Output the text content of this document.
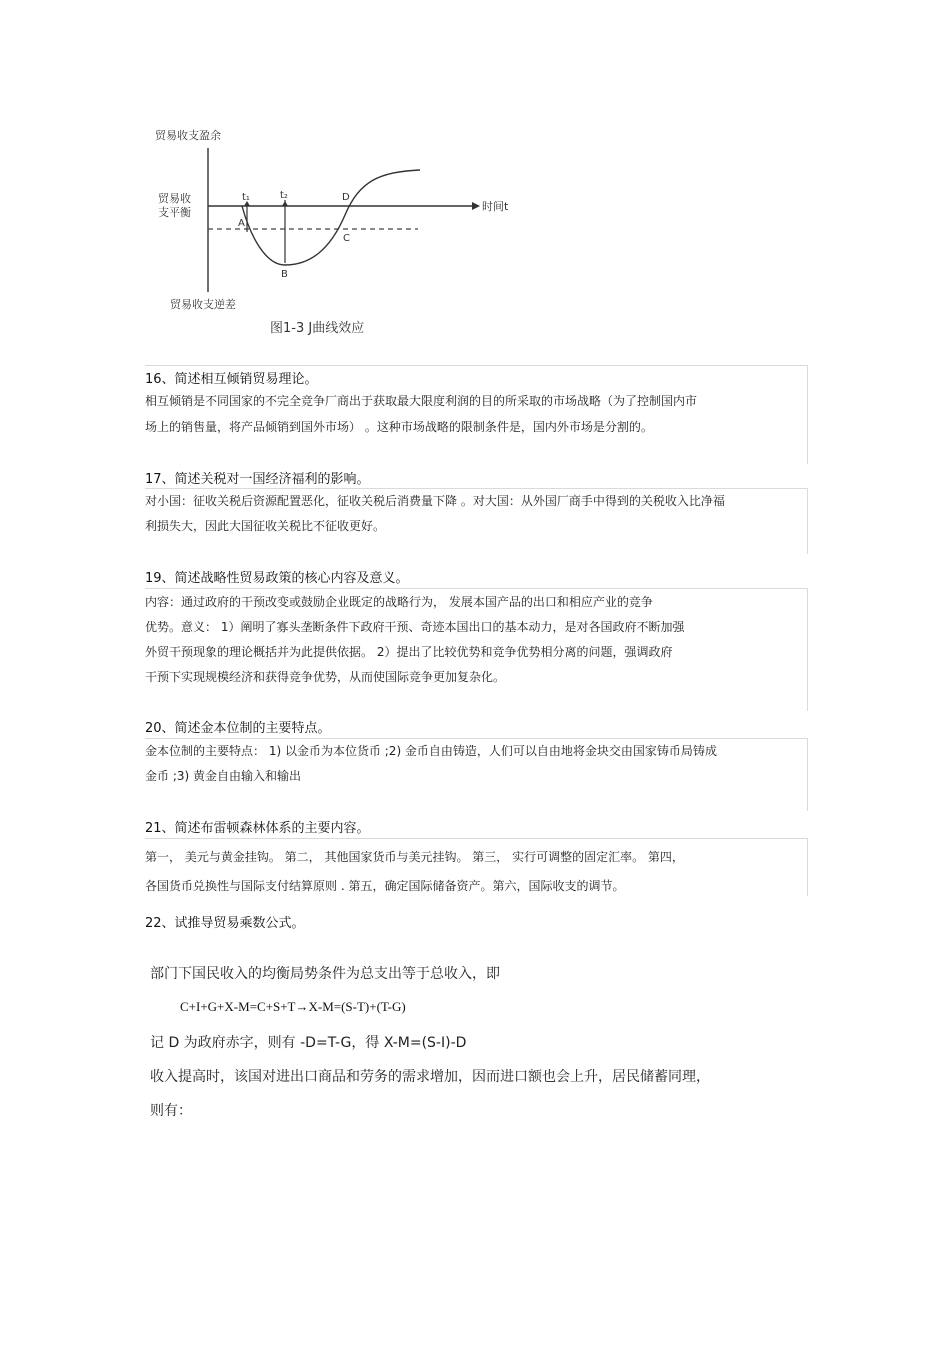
贸易收支盈余
贸易收
支平衡
贸易收支逆差
时间t
t₁	t₂
A
B
C
D
图1-3 J曲线效应
16、简述相互倾销贸易理论。
相互倾销是不同国家的不完全竞争厂商出于获取最大限度利润的目的所采取的市场战略（为了控制国内市
场上的销售量，将产品倾销到国外市场） 。这种市场战略的限制条件是，国内外市场是分割的。
17、简述关税对一国经济福利的影响。
对小国：征收关税后资源配置恶化，征收关税后消费量下降 。对大国：从外国厂商手中得到的关税收入比净福
利损失大，因此大国征收关税比不征收更好。
19、简述战略性贸易政策的核心内容及意义。
内容：通过政府的干预改变或鼓励企业既定的战略行为， 发展本国产品的出口和相应产业的竞争
优势。意义： 1）阐明了寡头垄断条件下政府干预、奇迹本国出口的基本动力，是对各国政府不断加强
外贸干预现象的理论概括并为此提供依据。 2）提出了比较优势和竞争优势相分离的问题，强调政府
干预下实现规模经济和获得竞争优势，从而使国际竞争更加复杂化。
20、简述金本位制的主要特点。
金本位制的主要特点： 1) 以金币为本位货币 ;2) 金币自由铸造，人们可以自由地将金块交由国家铸币局铸成
金币 ;3) 黄金自由输入和输出
21、简述布雷顿森林体系的主要内容。
第一， 美元与黄金挂钩。 第二， 其他国家货币与美元挂钩。 第三， 实行可调整的固定汇率。 第四，
各国货币兑换性与国际支付结算原则 . 第五，确定国际储备资产。第六，国际收支的调节。
22、试推导贸易乘数公式。
部门下国民收入的均衡局势条件为总支出等于总收入，即
C+I+G+X-M=C+S+T→X-M=(S-T)+(T-G)
记 D 为政府赤字，则有 -D=T-G，得 X-M=(S-I)-D
收入提高时，该国对进出口商品和劳务的需求增加，因而进口额也会上升，居民储蓄同理，
则有：
